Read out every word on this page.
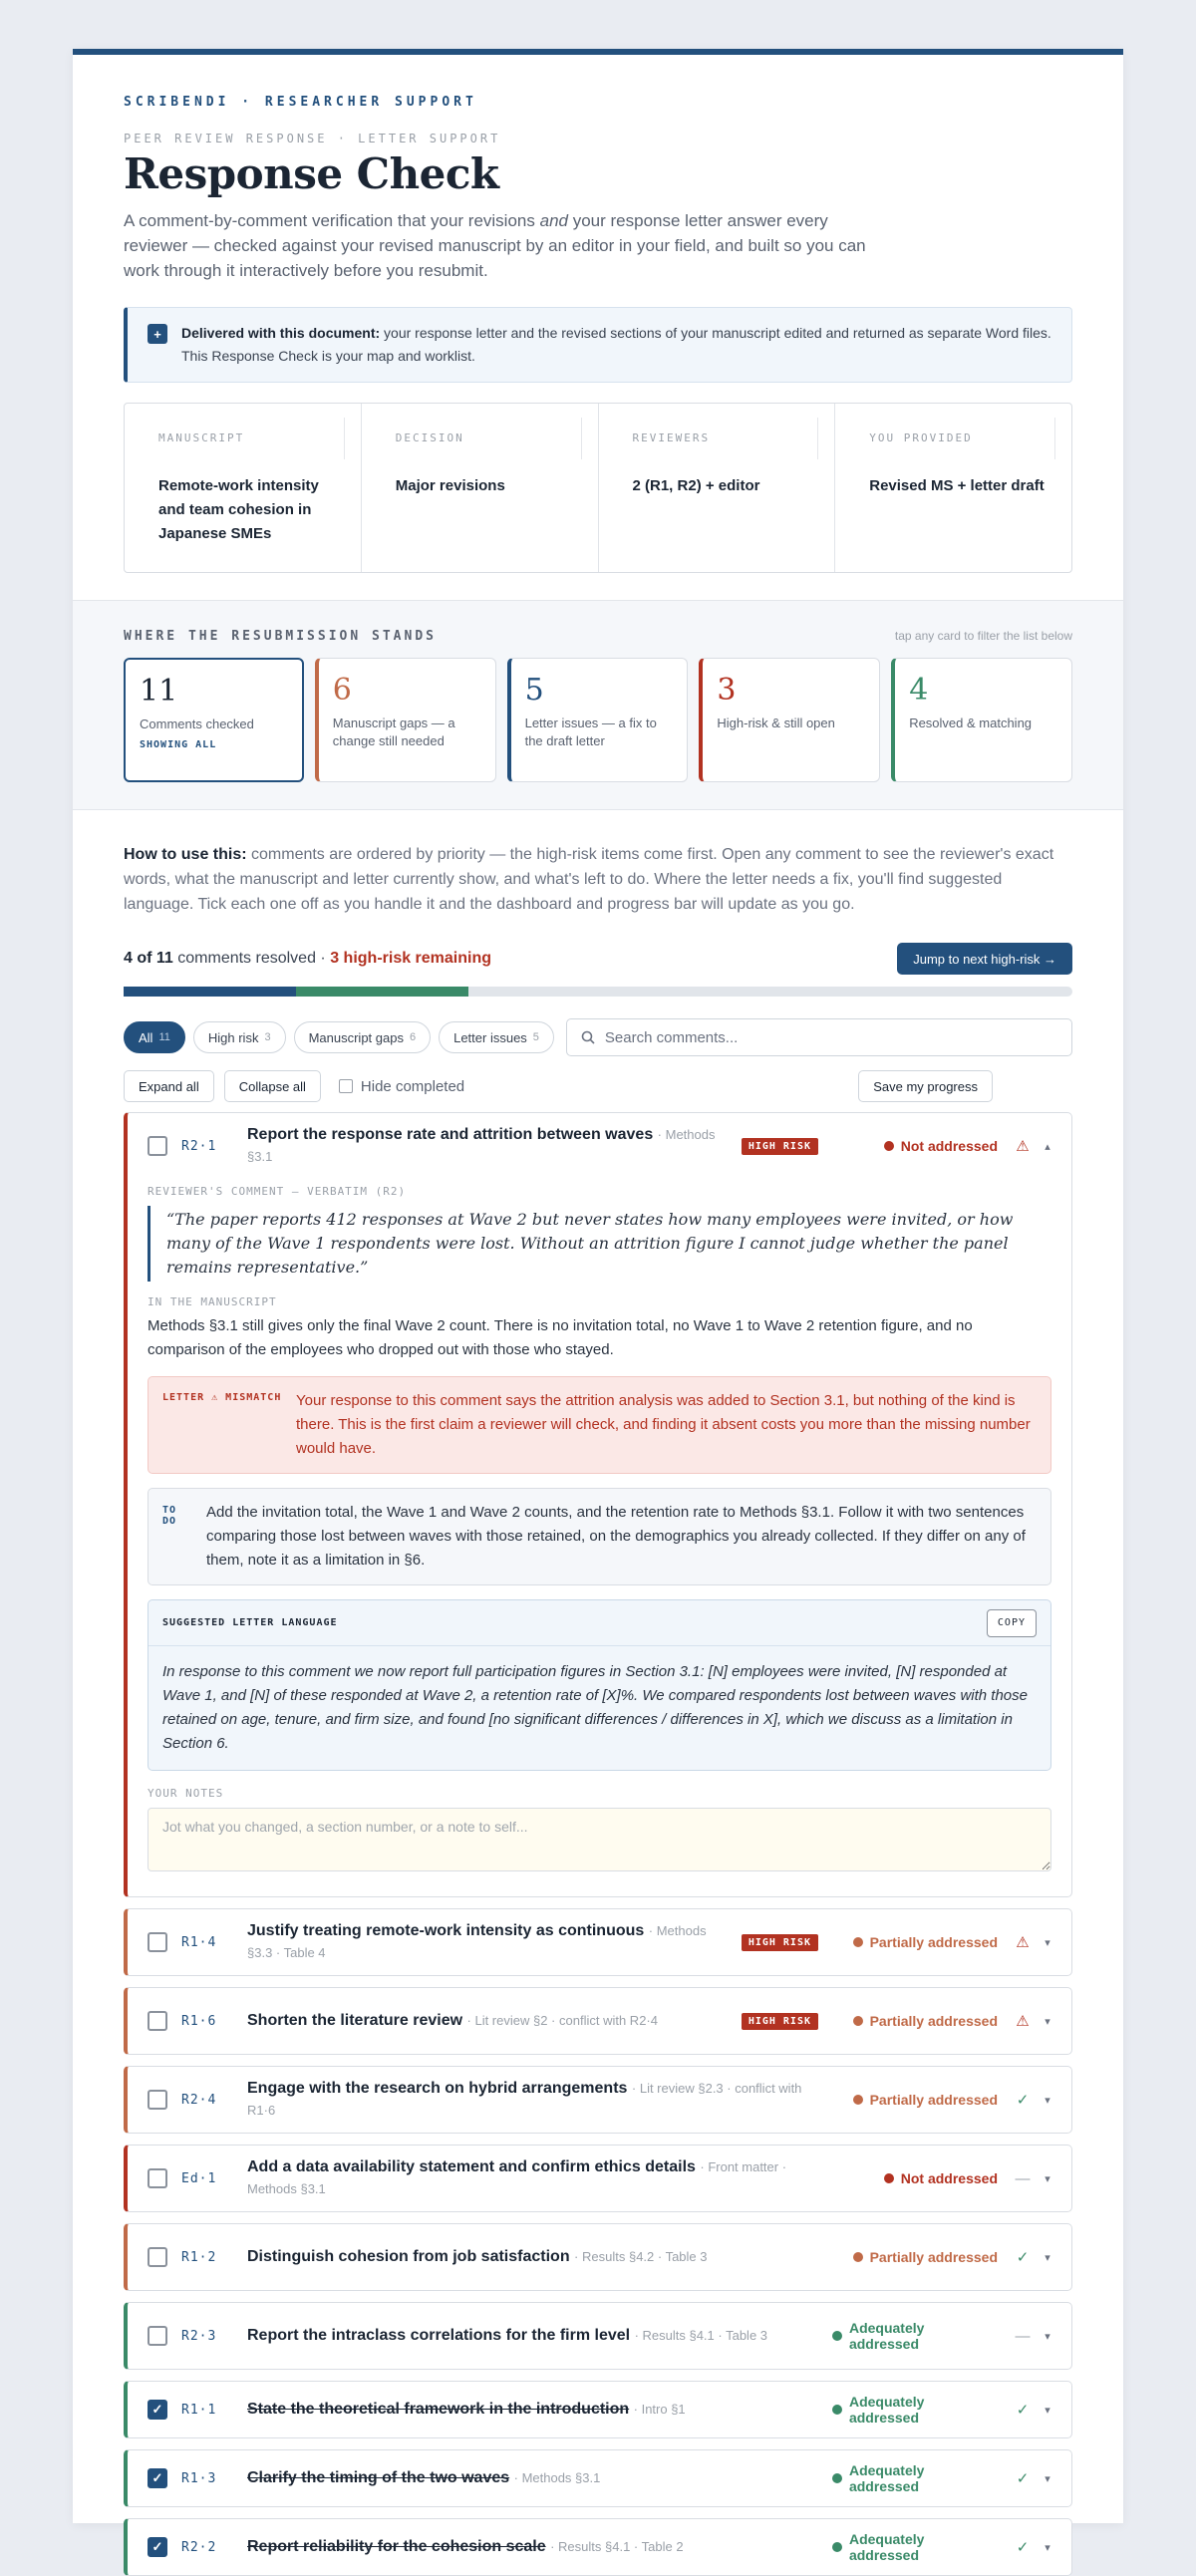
SCRIBENDI · RESEARCHER SUPPORT
PEER REVIEW RESPONSE · LETTER SUPPORT
Response Check

A comment-by-comment verification that your revisions and your response letter answer every reviewer — checked against your revised manuscript by an editor in your field, and built so you can work through it interactively before you resubmit.

+	Delivered with this document: your response letter and the revised sections of your manuscript edited and returned as separate Word files. This Response Check is your map and worklist.

MANUSCRIPT
Remote-work intensity and team cohesion in Japanese SMEs
DECISION
Major revisions
REVIEWERS
2 (R1, R2) + editor
YOU PROVIDED
Revised MS + letter draft
WHERE THE RESUBMISSION STANDS	tap any card to filter the list below
11
Comments checked
SHOWING ALL
6
Manuscript gaps — a change still needed
5
Letter issues — a fix to the draft letter
3
High-risk & still open
4
Resolved & matching

How to use this: comments are ordered by priority — the high-risk items come first. Open any comment to see the reviewer's exact words, what the manuscript and letter currently show, and what's left to do. Where the letter needs a fix, you'll find suggested language. Tick each one off as you handle it and the dashboard and progress bar will update as you go.

4 of 11 comments resolved · 3 high-risk remaining	Jump to next high-risk →
All 11	High risk 3	Manuscript gaps 6	Letter issues 5
Search comments...
Expand all	Collapse all	Hide completed	Save my progress
R2·1
Report the response rate and attrition between waves · Methods §3.1
HIGH RISK	Not addressed	⚠	▴
REVIEWER'S COMMENT — VERBATIM (R2)
“The paper reports 412 responses at Wave 2 but never states how many employees were invited, or how many of the Wave 1 respondents were lost. Without an attrition figure I cannot judge whether the panel remains representative.”
IN THE MANUSCRIPT
Methods §3.1 still gives only the final Wave 2 count. There is no invitation total, no Wave 1 to Wave 2 retention figure, and no comparison of the employees who dropped out with those who stayed.
LETTER ⚠ MISMATCH Your response to this comment says the attrition analysis was added to Section 3.1, but nothing of the kind is there. This is the first claim a reviewer will check, and finding it absent costs you more than the missing number would have.
TO DO
Add the invitation total, the Wave 1 and Wave 2 counts, and the retention rate to Methods §3.1. Follow it with two sentences comparing those lost between waves with those retained, on the demographics you already collected. If they differ on any of them, note it as a limitation in §6.
SUGGESTED LETTER LANGUAGE	COPY
In response to this comment we now report full participation figures in Section 3.1: [N] employees were invited, [N] responded at Wave 1, and [N] of these responded at Wave 2, a retention rate of [X]%. We compared respondents lost between waves with those retained on age, tenure, and firm size, and found [no significant differences / differences in X], which we discuss as a limitation in Section 6.
YOUR NOTES
Jot what you changed, a section number, or a note to self...
R1·4
Justify treating remote-work intensity as continuous · Methods §3.3 · Table 4
HIGH RISK	Partially addressed	⚠	▾
R1·6	Shorten the literature review · Lit review §2 · conflict with R2·4	HIGH RISK	Partially addressed	⚠	▾
R2·4
Engage with the research on hybrid arrangements · Lit review §2.3 · conflict with R1·6
Partially addressed	✓	▾
Ed·1
Add a data availability statement and confirm ethics details · Front matter · Methods §3.1
Not addressed	—	▾
R1·2	Distinguish cohesion from job satisfaction · Results §4.2 · Table 3	Partially addressed	✓	▾
R2·3	Report the intraclass correlations for the firm level · Results §4.1 · Table 3	Adequately addressed	—	▾
✓	R1·1	State the theoretical framework in the introduction · Intro §1	Adequately addressed	✓	▾
✓	R1·3	Clarify the timing of the two waves · Methods §3.1	Adequately addressed	✓	▾
✓	R2·2	Report reliability for the cohesion scale · Results §4.1 · Table 2	Adequately addressed	✓	▾
